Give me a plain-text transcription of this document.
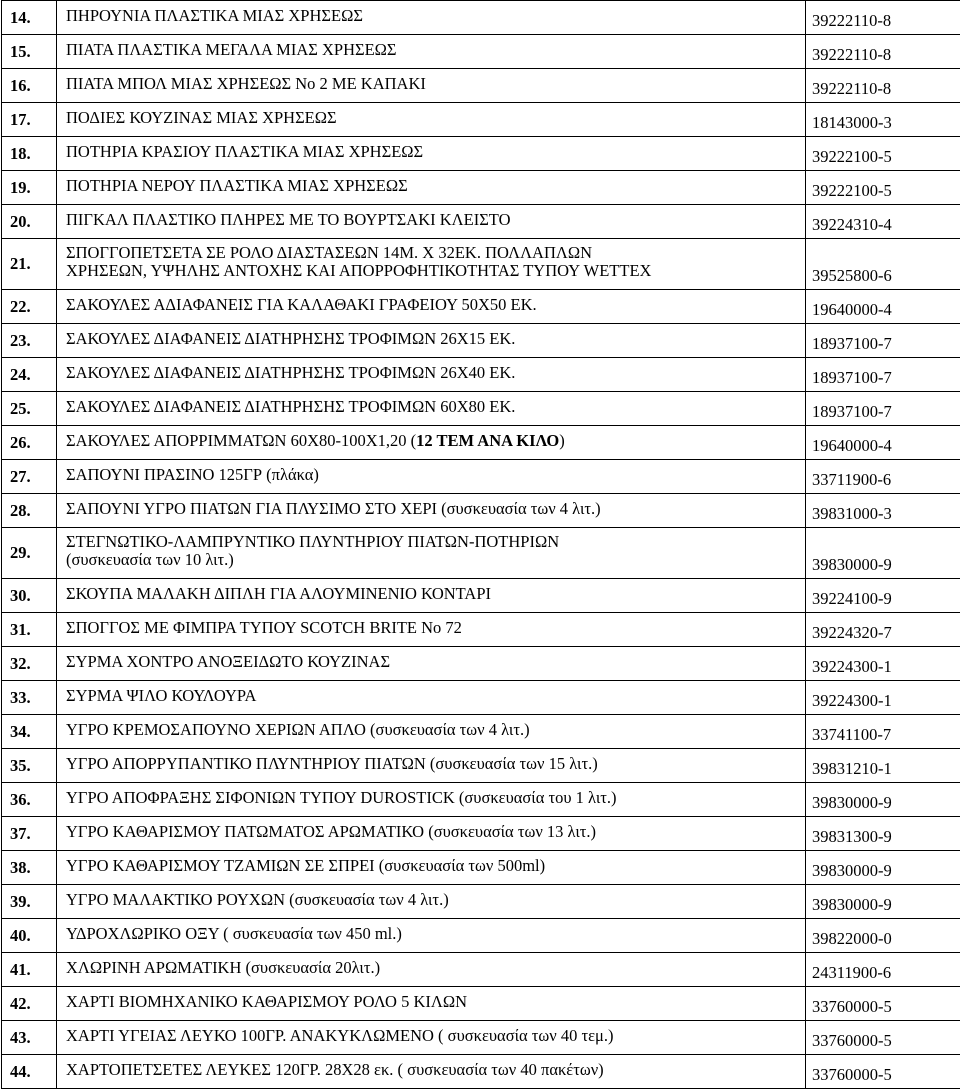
14.	ΠΗΡΟΥΝΙΑ ΠΛΑΣΤΙΚΑ ΜΙΑΣ ΧΡΗΣΕΩΣ	39222110-8
15.	ΠΙΑΤΑ ΠΛΑΣΤΙΚΑ ΜΕΓΑΛΑ ΜΙΑΣ ΧΡΗΣΕΩΣ	39222110-8
16.	ΠΙΑΤΑ ΜΠΟΛ ΜΙΑΣ ΧΡΗΣΕΩΣ Νο 2 ΜΕ ΚΑΠΑΚΙ	39222110-8
17.	ΠΟΔΙΕΣ ΚΟΥΖΙΝΑΣ ΜΙΑΣ ΧΡΗΣΕΩΣ	18143000-3
18.	ΠΟΤΗΡΙΑ ΚΡΑΣΙΟΥ ΠΛΑΣΤΙΚΑ ΜΙΑΣ ΧΡΗΣΕΩΣ	39222100-5
19.	ΠΟΤΗΡΙΑ ΝΕΡΟΥ ΠΛΑΣΤΙΚΑ ΜΙΑΣ ΧΡΗΣΕΩΣ	39222100-5
20.	ΠΙΓΚΑΛ ΠΛΑΣΤΙΚΟ ΠΛΗΡΕΣ ΜΕ ΤΟ ΒΟΥΡΤΣΑΚΙ ΚΛΕΙΣΤΟ	39224310-4
21.	ΣΠΟΓΓΟΠΕΤΣΕΤΑ ΣΕ ΡΟΛΟ ΔΙΑΣΤΑΣΕΩΝ 14Μ. Χ 32ΕΚ. ΠΟΛΛΑΠΛΩΝ
ΧΡΗΣΕΩΝ, ΥΨΗΛΗΣ ΑΝΤΟΧΗΣ ΚΑΙ ΑΠΟΡΡΟΦΗΤΙΚΟΤΗΤΑΣ ΤΥΠΟΥ WETTEX	39525800-6
22.	ΣΑΚΟΥΛΕΣ ΑΔΙΑΦΑΝΕΙΣ ΓΙΑ ΚΑΛΑΘΑΚΙ ΓΡΑΦΕΙΟΥ 50Χ50 ΕΚ.	19640000-4
23.	ΣΑΚΟΥΛΕΣ ΔΙΑΦΑΝΕΙΣ ΔΙΑΤΗΡΗΣΗΣ ΤΡΟΦΙΜΩΝ 26Χ15 ΕΚ.	18937100-7
24.	ΣΑΚΟΥΛΕΣ ΔΙΑΦΑΝΕΙΣ ΔΙΑΤΗΡΗΣΗΣ ΤΡΟΦΙΜΩΝ 26Χ40 ΕΚ.	18937100-7
25.	ΣΑΚΟΥΛΕΣ ΔΙΑΦΑΝΕΙΣ ΔΙΑΤΗΡΗΣΗΣ ΤΡΟΦΙΜΩΝ 60Χ80 ΕΚ.	18937100-7
26.	ΣΑΚΟΥΛΕΣ ΑΠΟΡΡΙΜΜΑΤΩΝ 60Χ80-100Χ1,20 (12 ΤΕΜ ΑΝΑ ΚΙΛΟ)	19640000-4
27.	ΣΑΠΟΥΝΙ ΠΡΑΣΙΝΟ 125ΓΡ (πλάκα)	33711900-6
28.	ΣΑΠΟΥΝΙ ΥΓΡΟ ΠΙΑΤΩΝ ΓΙΑ ΠΛΥΣΙΜΟ ΣΤΟ ΧΕΡΙ (συσκευασία των 4 λιτ.)	39831000-3
29.	ΣΤΕΓΝΩΤΙΚΟ-ΛΑΜΠΡΥΝΤΙΚΟ ΠΛΥΝΤΗΡΙΟΥ ΠΙΑΤΩΝ-ΠΟΤΗΡΙΩΝ
(συσκευασία των 10 λιτ.)	39830000-9
30.	ΣΚΟΥΠΑ ΜΑΛΑΚΗ ΔΙΠΛΗ ΓΙΑ ΑΛΟΥΜΙΝΕΝΙΟ ΚΟΝΤΑΡΙ	39224100-9
31.	ΣΠΟΓΓΟΣ ΜΕ ΦΙΜΠΡΑ ΤΥΠΟΥ SCOTCH BRITE Νο 72	39224320-7
32.	ΣΥΡΜΑ ΧΟΝΤΡΟ ΑΝΟΞΕΙΔΩΤΟ ΚΟΥΖΙΝΑΣ	39224300-1
33.	ΣΥΡΜΑ ΨΙΛΟ ΚΟΥΛΟΥΡΑ	39224300-1
34.	ΥΓΡΟ ΚΡΕΜΟΣΑΠΟΥΝΟ ΧΕΡΙΩΝ ΑΠΛΟ (συσκευασία των 4 λιτ.)	33741100-7
35.	ΥΓΡΟ ΑΠΟΡΡΥΠΑΝΤΙΚΟ ΠΛΥΝΤΗΡΙΟΥ ΠΙΑΤΩΝ (συσκευασία των 15 λιτ.)	39831210-1
36.	ΥΓΡΟ ΑΠΟΦΡΑΞΗΣ ΣΙΦΟΝΙΩΝ ΤΥΠΟΥ DUROSTICK (συσκευασία του 1 λιτ.)	39830000-9
37.	ΥΓΡΟ ΚΑΘΑΡΙΣΜΟΥ ΠΑΤΩΜΑΤΟΣ ΑΡΩΜΑΤΙΚΟ (συσκευασία των 13 λιτ.)	39831300-9
38.	ΥΓΡΟ ΚΑΘΑΡΙΣΜΟΥ ΤΖΑΜΙΩΝ ΣΕ ΣΠΡΕΙ (συσκευασία των 500ml)	39830000-9
39.	ΥΓΡΟ ΜΑΛΑΚΤΙΚΟ ΡΟΥΧΩΝ (συσκευασία των 4 λιτ.)	39830000-9
40.	ΥΔΡΟΧΛΩΡΙΚΟ ΟΞΥ ( συσκευασία των 450 ml.)	39822000-0
41.	ΧΛΩΡΙΝΗ ΑΡΩΜΑΤΙΚΗ (συσκευασία 20λιτ.)	24311900-6
42.	ΧΑΡΤΙ ΒΙΟΜΗΧΑΝΙΚΟ ΚΑΘΑΡΙΣΜΟΥ ΡΟΛΟ 5 ΚΙΛΩΝ	33760000-5
43.	ΧΑΡΤΙ ΥΓΕΙΑΣ ΛΕΥΚΟ 100ΓΡ. ΑΝΑΚΥΚΛΩΜΕΝΟ ( συσκευασία των 40 τεμ.)	33760000-5
44.	ΧΑΡΤΟΠΕΤΣΕΤΕΣ ΛΕΥΚΕΣ 120ΓΡ. 28Χ28 εκ. ( συσκευασία των 40 πακέτων)	33760000-5
